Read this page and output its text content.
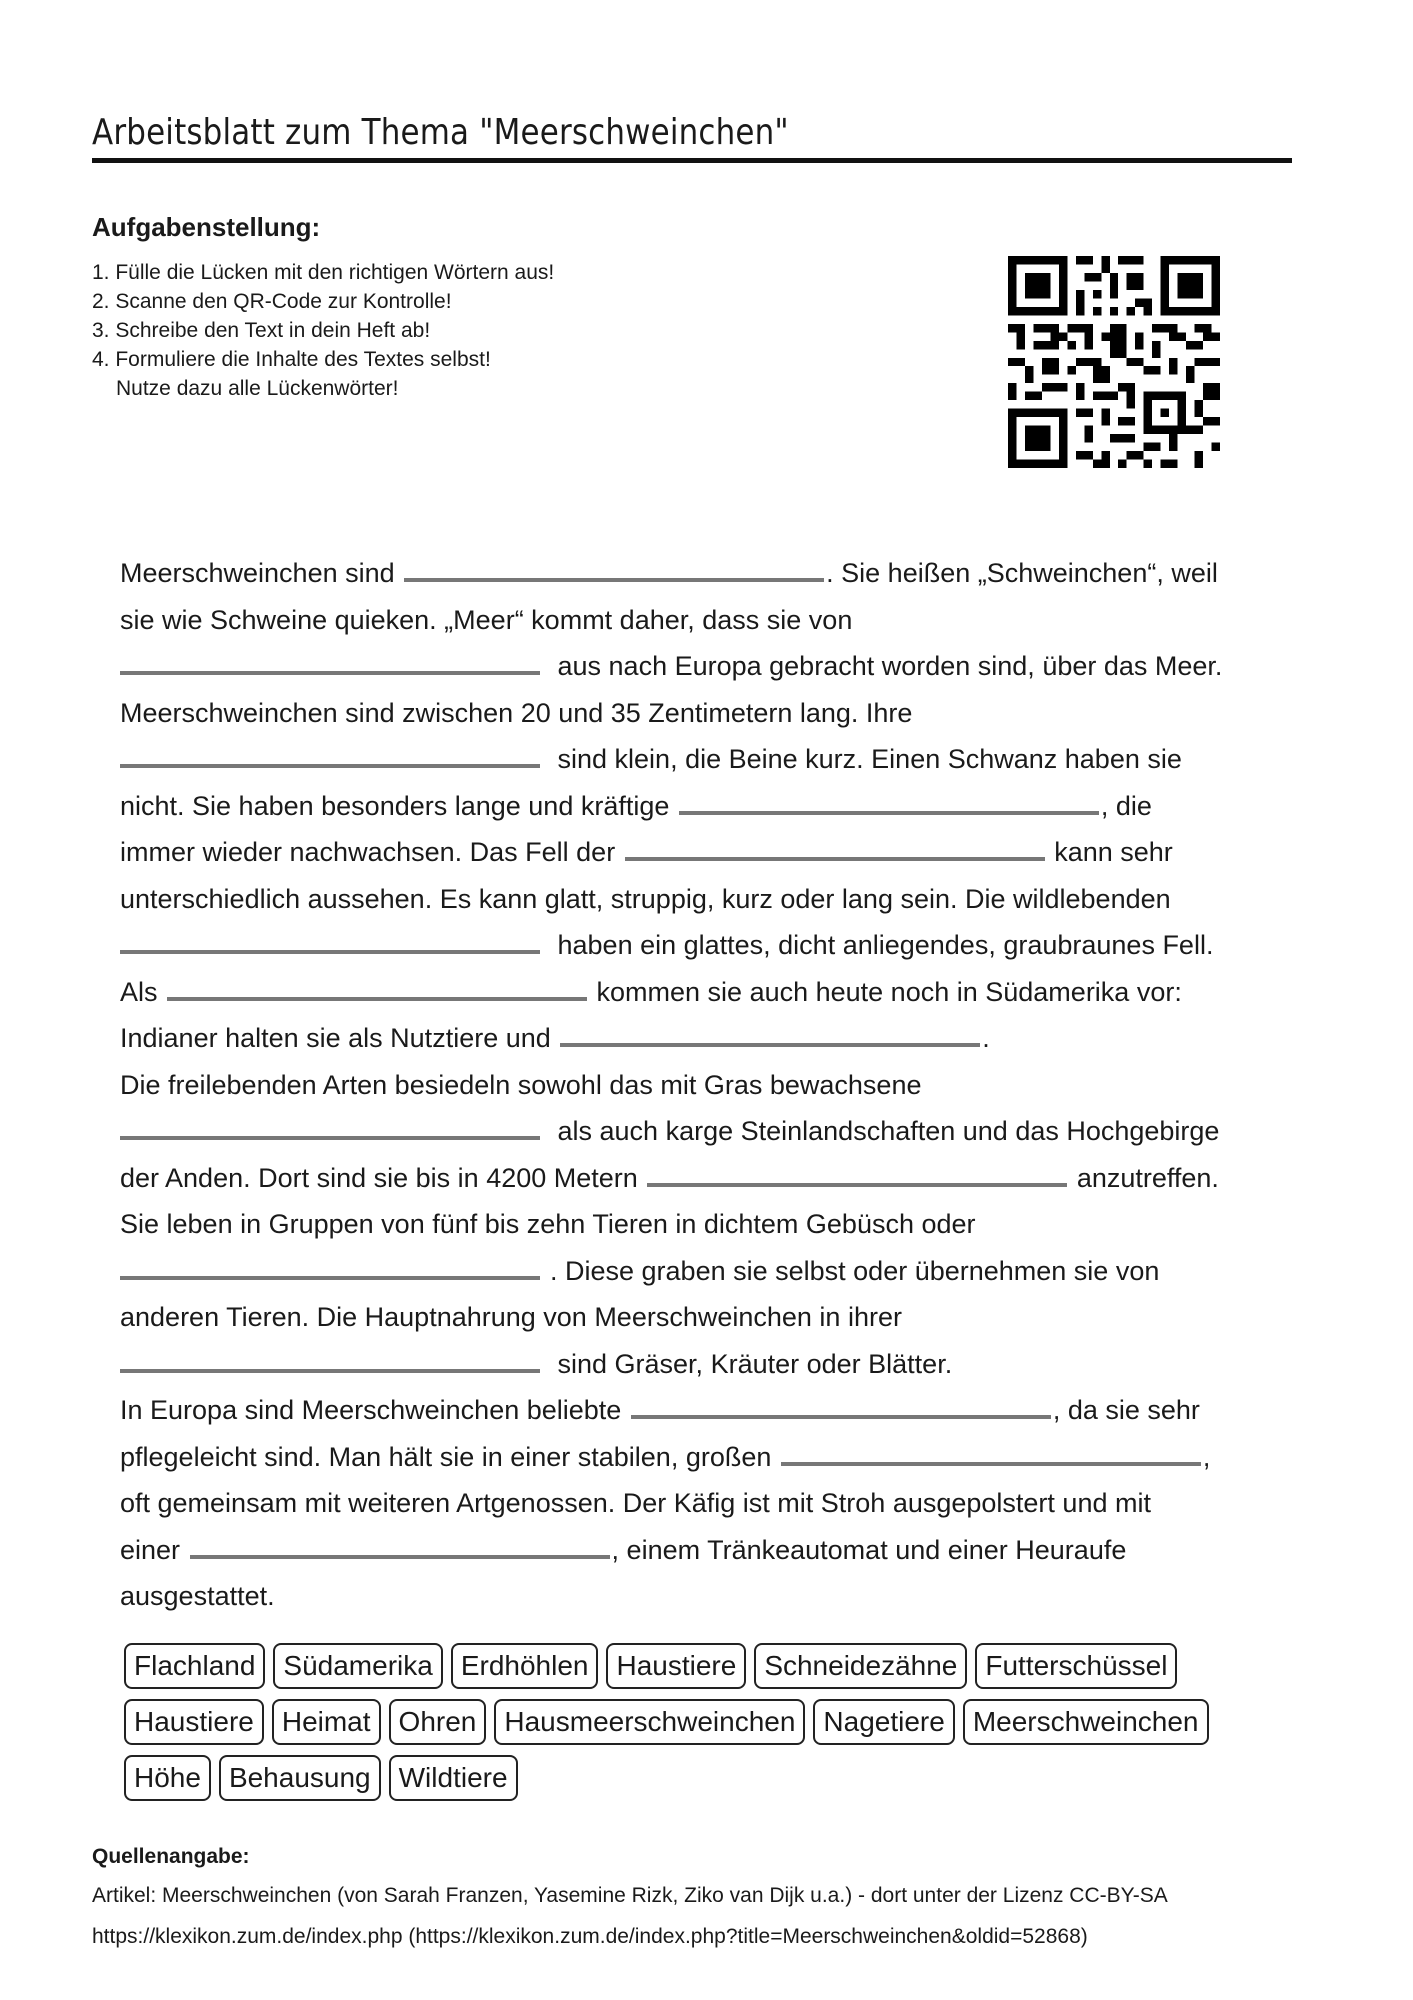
Arbeitsblatt zum Thema "Meerschweinchen"
Aufgabenstellung:
1. Fülle die Lücken mit den richtigen Wörtern aus!
2. Scanne den QR-Code zur Kontrolle!
3. Schreibe den Text in dein Heft ab!
4. Formuliere die Inhalte des Textes selbst!
Nutze dazu alle Lückenwörter!
Meerschweinchen sind	. Sie heißen „Schweinchen“, weil
sie wie Schweine quieken. „Meer“ kommt daher, dass sie von
aus nach Europa gebracht worden sind, über das Meer.
Meerschweinchen sind zwischen 20 und 35 Zentimetern lang. Ihre
sind klein, die Beine kurz. Einen Schwanz haben sie
nicht. Sie haben besonders lange und kräftige	, die
immer wieder nachwachsen. Das Fell der	kann sehr
unterschiedlich aussehen. Es kann glatt, struppig, kurz oder lang sein. Die wildlebenden
haben ein glattes, dicht anliegendes, graubraunes Fell.
Als	kommen sie auch heute noch in Südamerika vor:
Indianer halten sie als Nutztiere und	.
Die freilebenden Arten besiedeln sowohl das mit Gras bewachsene
als auch karge Steinlandschaften und das Hochgebirge
der Anden. Dort sind sie bis in 4200 Metern	anzutreffen.
Sie leben in Gruppen von fünf bis zehn Tieren in dichtem Gebüsch oder
. Diese graben sie selbst oder übernehmen sie von
anderen Tieren. Die Hauptnahrung von Meerschweinchen in ihrer
sind Gräser, Kräuter oder Blätter.
In Europa sind Meerschweinchen beliebte	, da sie sehr
pflegeleicht sind. Man hält sie in einer stabilen, großen	,
oft gemeinsam mit weiteren Artgenossen. Der Käfig ist mit Stroh ausgepolstert und mit
einer	, einem Tränkeautomat und einer Heuraufe
ausgestattet.
Flachland	Südamerika	Erdhöhlen	Haustiere	Schneidezähne	Futterschüssel
Haustiere	Heimat	Ohren	Hausmeerschweinchen	Nagetiere	Meerschweinchen
Höhe	Behausung	Wildtiere
Quellenangabe:
Artikel: Meerschweinchen (von Sarah Franzen, Yasemine Rizk, Ziko van Dijk u.a.) - dort unter der Lizenz CC-BY-SA
https://klexikon.zum.de/index.php (https://klexikon.zum.de/index.php?title=Meerschweinchen&oldid=52868)
